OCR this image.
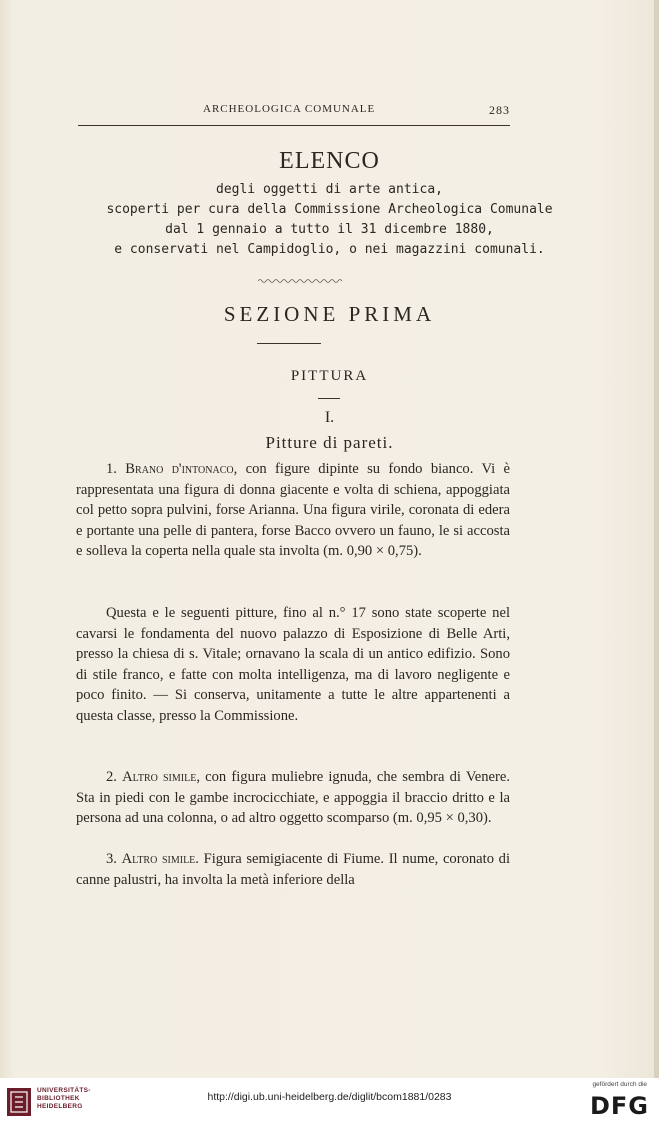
ARCHEOLOGICA COMUNALE	283
ELENCO
degli oggetti di arte antica,
scoperti per cura della Commissione Archeologica Comunale
dal 1 gennaio a tutto il 31 dicembre 1880,
e conservati nel Campidoglio, o nei magazzini comunali.
SEZIONE PRIMA
PITTURA
I.
Pitture di pareti.

1. Brano d'intonaco, con figure dipinte su fondo bianco. Vi è rappresentata una figura di donna giacente e volta di schiena, appoggiata col petto sopra pulvini, forse Arianna. Una figura virile, coronata di edera e portante una pelle di pantera, forse Bacco ovvero un fauno, le si accosta e solleva la coperta nella quale sta involta (m. 0,90 × 0,75).

Questa e le seguenti pitture, fino al n.° 17 sono state scoperte nel cavarsi le fondamenta del nuovo palazzo di Esposizione di Belle Arti, presso la chiesa di s. Vitale; ornavano la scala di un antico edifizio. Sono di stile franco, e fatte con molta intelligenza, ma di lavoro negligente e poco finito. — Si conserva, unitamente a tutte le altre appartenenti a questa classe, presso la Commissione.

2. Altro simile, con figura muliebre ignuda, che sembra di Venere. Sta in piedi con le gambe incrocicchiate, e appoggia il braccio dritto e la persona ad una colonna, o ad altro oggetto scomparso (m. 0,95 × 0,30).

3. Altro simile. Figura semigiacente di Fiume. Il nume, coronato di canne palustri, ha involta la metà inferiore della

UNIVERSITÄTS-
BIBLIOTHEK
HEIDELBERG
http://digi.ub.uni-heidelberg.de/diglit/bcom1881/0283
gefördert durch die
DFG
